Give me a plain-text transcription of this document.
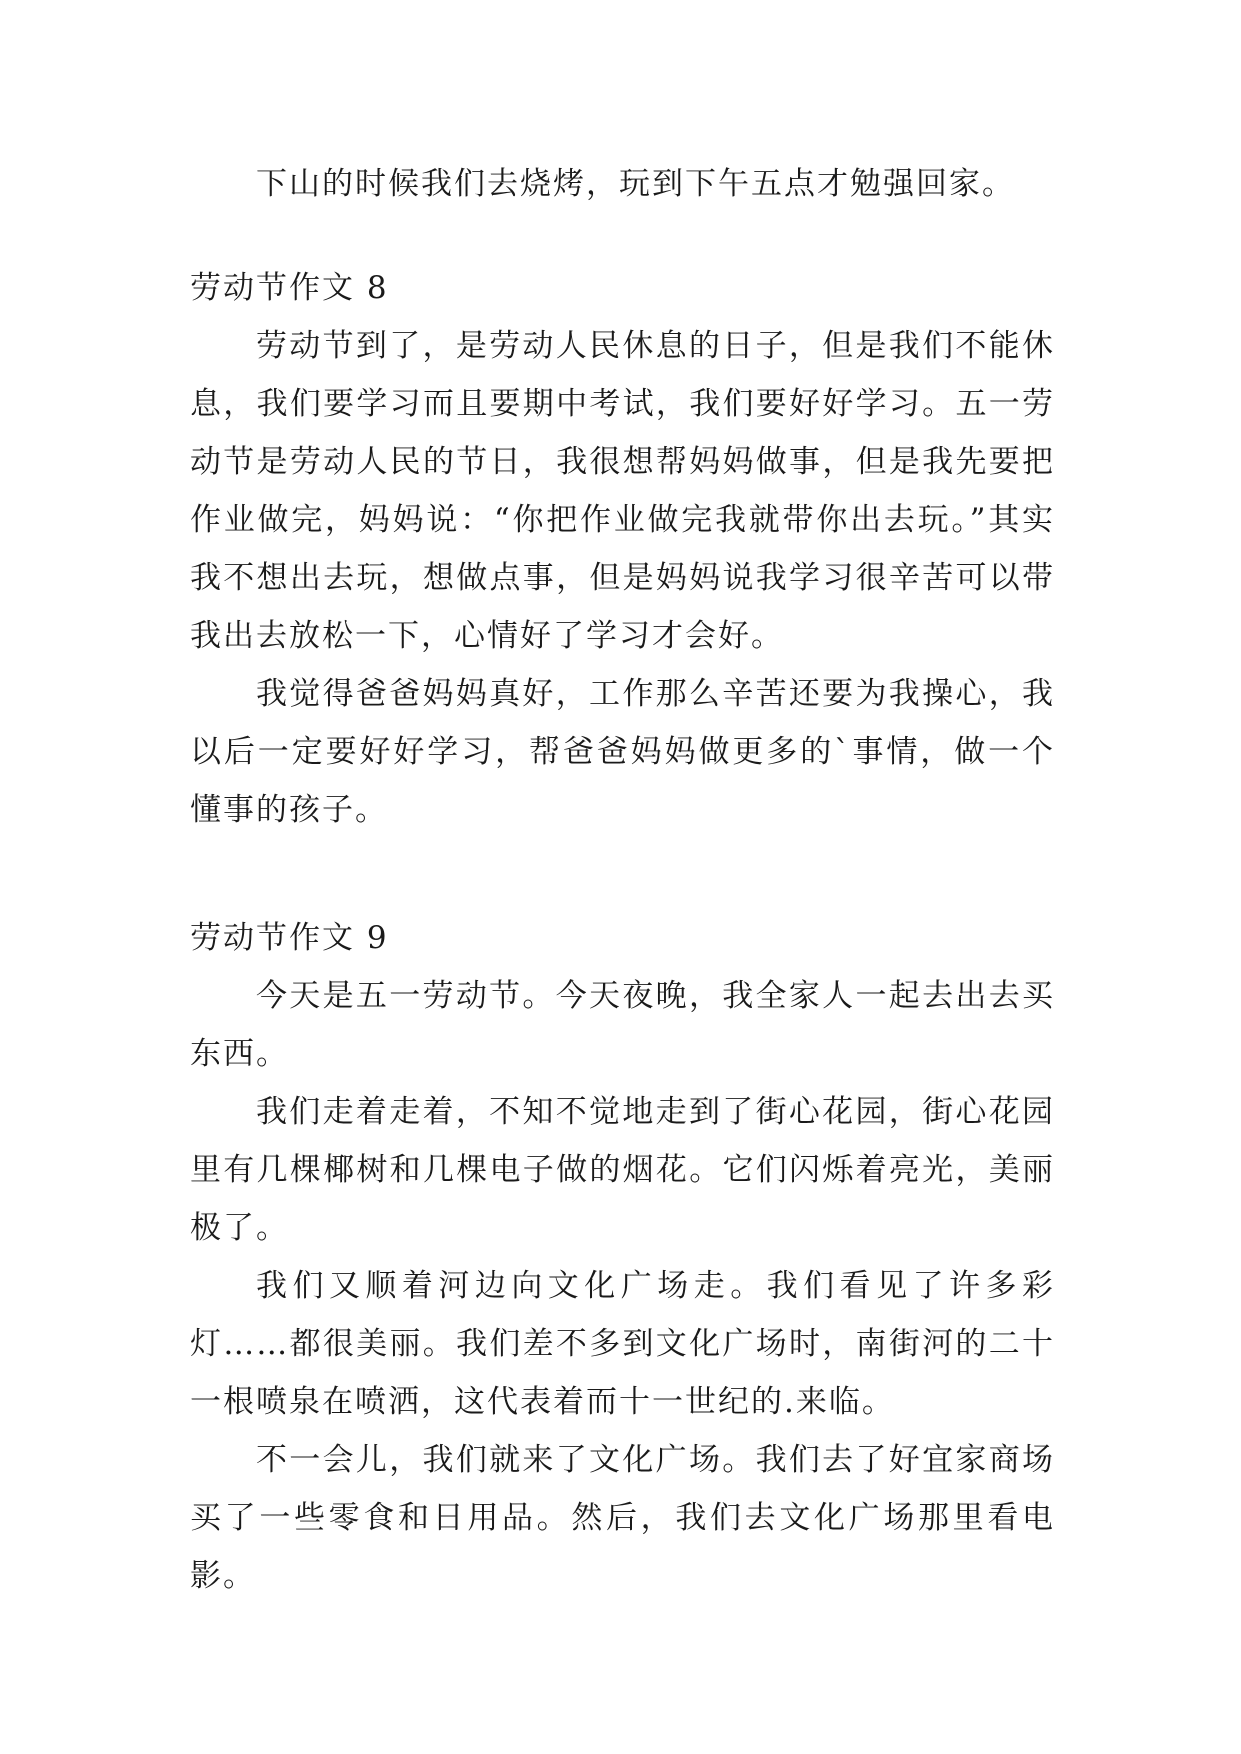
下山的时候我们去烧烤，玩到下午五点才勉强回家。

劳动节作文 8

劳动节到了，是劳动人民休息的日子，但是我们不能休息，我们要学习而且要期中考试，我们要好好学习。五一劳动节是劳动人民的节日，我很想帮妈妈做事，但是我先要把作业做完，妈妈说：“你把作业做完我就带你出去玩。”其实我不想出去玩，想做点事，但是妈妈说我学习很辛苦可以带我出去放松一下，心情好了学习才会好。

我觉得爸爸妈妈真好，工作那么辛苦还要为我操心，我以后一定要好好学习，帮爸爸妈妈做更多的`事情，做一个懂事的孩子。

劳动节作文 9

今天是五一劳动节。今天夜晚，我全家人一起去出去买东西。

我们走着走着，不知不觉地走到了街心花园，街心花园里有几棵椰树和几棵电子做的烟花。它们闪烁着亮光，美丽极了。

我们又顺着河边向文化广场走。我们看见了许多彩灯……都很美丽。我们差不多到文化广场时，南街河的二十一根喷泉在喷洒，这代表着而十一世纪的.来临。

不一会儿，我们就来了文化广场。我们去了好宜家商场买了一些零食和日用品。然后，我们去文化广场那里看电影。
